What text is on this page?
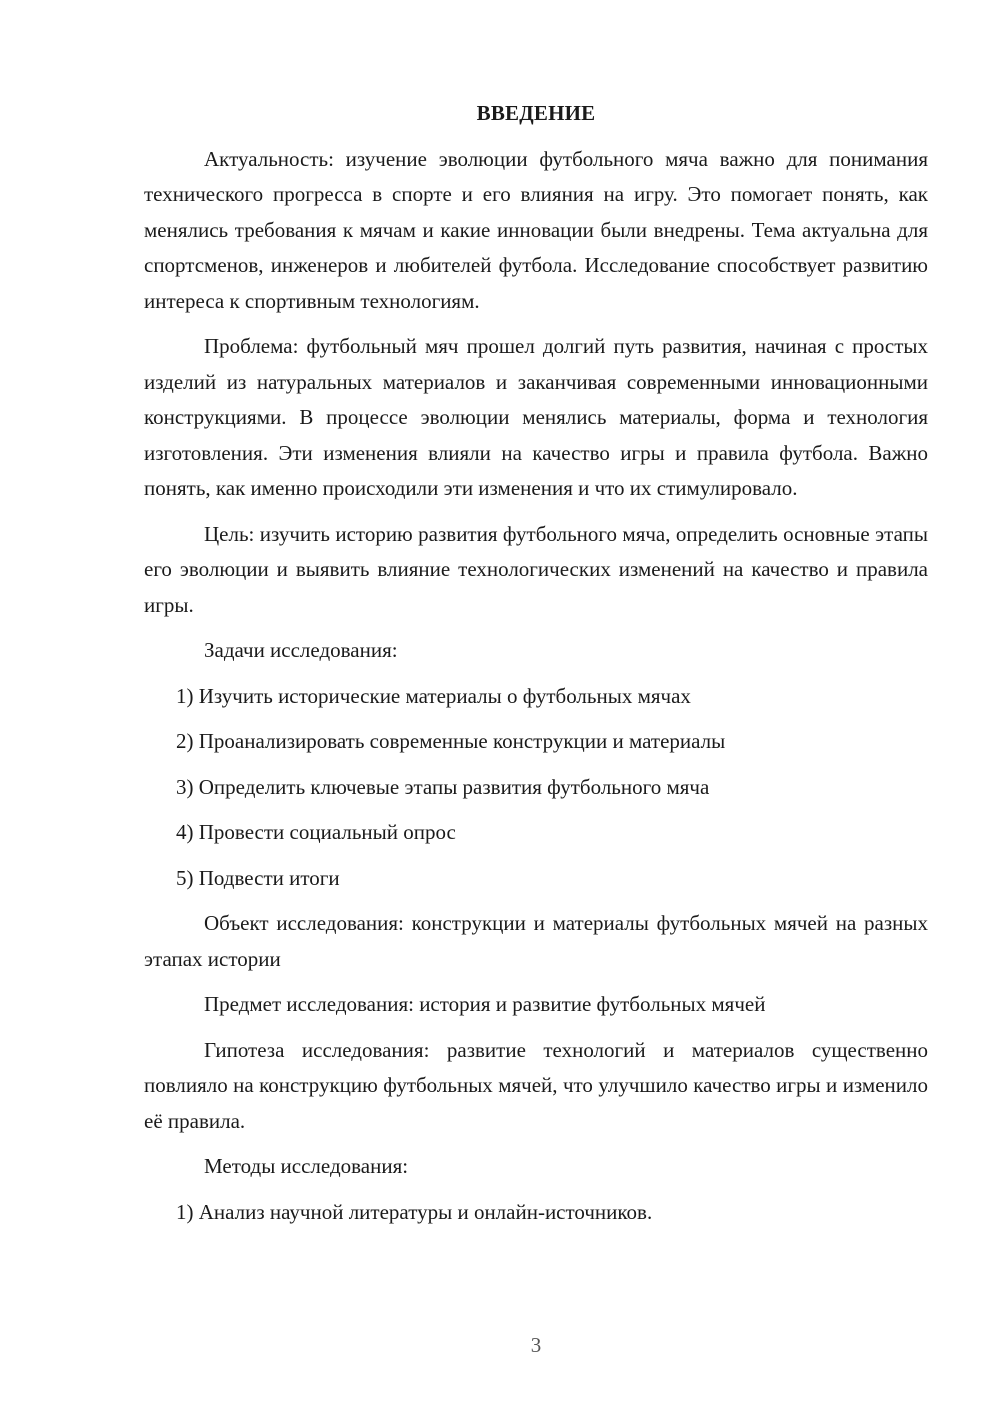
ВВЕДЕНИЕ
Актуальность: изучение эволюции футбольного мяча важно для понимания технического прогресса в спорте и его влияния на игру. Это помогает понять, как менялись требования к мячам и какие инновации были внедрены. Тема актуальна для спортсменов, инженеров и любителей футбола. Исследование способствует развитию интереса к спортивным технологиям.
Проблема: футбольный мяч прошел долгий путь развития, начиная с простых изделий из натуральных материалов и заканчивая современными инновационными конструкциями. В процессе эволюции менялись материалы, форма и технология изготовления. Эти изменения влияли на качество игры и правила футбола. Важно понять, как именно происходили эти изменения и что их стимулировало.
Цель: изучить историю развития футбольного мяча, определить основные этапы его эволюции и выявить влияние технологических изменений на качество и правила игры.
Задачи исследования:
1) Изучить исторические материалы о футбольных мячах
2) Проанализировать современные конструкции и материалы
3) Определить ключевые этапы развития футбольного мяча
4) Провести социальный опрос
5) Подвести итоги
Объект исследования: конструкции и материалы футбольных мячей на разных этапах истории
Предмет исследования: история и развитие футбольных мячей
Гипотеза исследования: развитие технологий и материалов существенно повлияло на конструкцию футбольных мячей, что улучшило качество игры и изменило её правила.
Методы исследования:
1) Анализ научной литературы и онлайн-источников.
3
